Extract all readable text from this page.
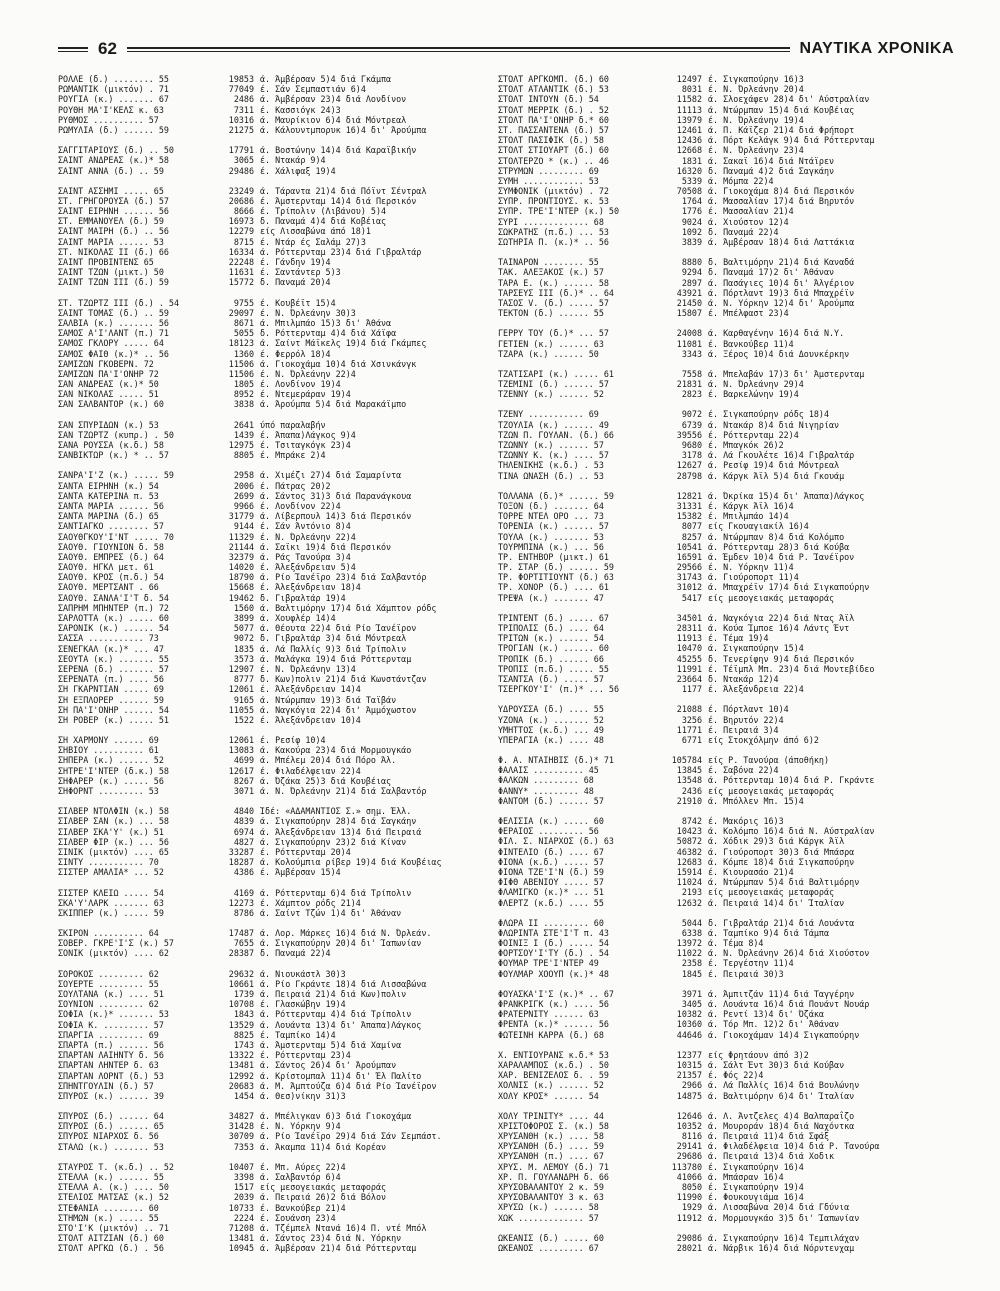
62	ΝΑΥΤΙΚΑ ΧΡΟΝΙΚΑ
ΡΟΛΛΕ (δ.) ........ 55	19853 ά. Άμβέρσαν 5)4 διά Γκάμπα
ΡΩΜΑΝΤΙΚ (μικτόν) . 71	77049 έ. Σάν Σεμπαστιάν 6)4
ΡΟΥΓΙΑ (κ.) ....... 67	2486 ά. Άμβέρσαν 23)4 διά Λονδίνον
ΡΟΥΘΗ ΜΑ'Ι'ΚΕΛΣ κ. 63	7311 έ. Κασσιόγκ 24)3
ΡΥΘΜΟΣ .......... 57	10316 ά. Μαυρίκιον 6)4 διά Μόντρεαλ
ΡΩΜΥΛΙΑ (δ.) ...... 59	21275 ά. Κάλουντμπορυκ 16)4 δι' Άρούμπα
ΣΑΓΓΙΤΑΡΙΟΥΣ (δ.) .. 50	17791 ά. Βοστώνην 14)4 διά Καραϊβικήν
ΣΑΙΝΤ ΑΝΔΡΕΑΣ (κ.)* 58	3065 έ. Ντακάρ 9)4
ΣΑΙΝΤ ΑΝΝΑ (δ.) .. 59	29486 έ. Χάλιφαξ 19)4
ΣΑΙΝΤ ΑΣΣΗΜΙ ..... 65	23249 ά. Τάραντα 21)4 διά Πόϊντ Σέντραλ
ΣΤ. ΓΡΗΓΟΡΟΥΣΑ (δ.) 57	20686 έ. Άμστερνταμ 14)4 διά Περσικόν
ΣΑΙΝΤ ΕΙΡΗΝΗ ...... 56	8666 έ. Τρίπολιν (Λιβάνου) 5)4
ΣΤ. ΕΜΜΑΝΟΥΕΛ (δ.) 59	16973 δ. Παναμά 4)4 διά Κοβέιας
ΣΑΙΝΤ ΜΑΙΡΗ (δ.) .. 56	12279 είς Λισσαβώνα άπό 18)1
ΣΑΙΝΤ ΜΑΡΙΑ ...... 53	8715 έ. Ντάρ ές Σαλάμ 27)3
ΣΤ. ΝΙΚΟΛΑΣ ΙΙ (δ.) 66	16334 ά. Ρόττερνταμ 23)4 διά Γιβραλτάρ
ΣΑΙΝΤ ΠΡΟΒΙΝΤΕΝΣ 65	22248 έ. Γάνδην 19)4
ΣΑΙΝΤ ΤΖΩΝ (μικτ.) 50	11631 έ. Σαντάντερ 5)3
ΣΑΙΝΤ ΤΖΩΝ ΙΙΙ (δ.) 59	15772 δ. Παναμά 20)4
ΣΤ. ΤΖΩΡΤΖ ΙΙΙ (δ.) . 54	9755 έ. Κουβέϊτ 15)4
ΣΑΙΝΤ ΤΟΜΑΣ (δ.) .. 59	29097 έ. Ν. Όρλεάνην 30)3
ΣΑΛΒΙΑ (κ.) ....... 56	8671 ά. Μπιλμπάο 15)3 δι' Άθάνα
ΣΑΜΟΣ Α'Ι'ΛΑΝΤ (π.) 71	5055 δ. Ρόττερνταμ 4)4 διά Χάϊφα
ΣΑΜΟΣ ΓΚΛΟΡΥ ..... 64	18123 ά. Σαίντ Μάϊκελς 19)4 διά Γκάμπες
ΣΑΜΟΣ ΦΑΙΘ (κ.)* .. 56	1360 έ. Φερρόλ 18)4
ΣΑΜΙΖΩΝ ΓΚΟΒΕΡΝ. 72	11506 ά. Γιοκοχάμα 10)4 διά Χσινκάνγκ
ΣΑΜΙΖΩΝ ΠΑ'Ι'ΟΝΗΡ 72	11506 έ. Ν. Όρλεάνην 22)4
ΣΑΝ ΑΝΔΡΕΑΣ (κ.)* 50	1805 έ. Λονδίνον 19)4
ΣΑΝ ΝΙΚΟΛΑΣ ..... 51	8952 έ. Ντεμεράραν 19)4
ΣΑΝ ΣΑΛΒΑΝΤΟΡ (κ.) 60	3838 ά. Άρούμπα 5)4 διά Μαρακάϊμπο
ΣΑΝ ΣΠΥΡΙΔΩΝ (κ.) 53	2641 ύπό παραλαβήν
ΣΑΝ ΤΖΩΡΤΖ (κυπρ.) . 50	1439 έ. Άπαπα)Λάγκος 9)4
ΣΑΝΑ ΡΟΥΣΣΑ (κ.δ.) 58	12975 έ. Τσιταγκόγκ 23)4
ΣΑΝΒΙΚΤΩΡ (κ.) * .. 57	8805 έ. Μπράκε 2)4
ΣΑΝΡΑ'Ι'Ζ (κ.) ..... 59	2958 ά. Χιμέζι 27)4 διά Σαμαρίντα
ΣΑΝΤΑ ΕΙΡΗΝΗ (κ.) 54	2006 έ. Πάτρας 20)2
ΣΑΝΤΑ ΚΑΤΕΡΙΝΑ π. 53	2699 ά. Σάντος 31)3 διά Παρανάγκουα
ΣΑΝΤΑ ΜΑΡΙΑ ...... 56	9966 έ. Λονδίνον 22)4
ΣΑΝΤΑ ΜΑΡΙΝΑ (δ.) 65	31779 ά. Λίβερπουλ 14)3 διά Περσικόν
ΣΑΝΤΙΑΓΚΟ ........ 57	9144 έ. Σάν Άντόνιο 8)4
ΣΑΟΥΘΓΚΟΥ'Ι'ΝΤ ..... 70	11329 έ. Ν. Όρλεάνην 22)4
ΣΑΟΥΘ. ΓΙΟΥΝΙΟΝ δ. 58	21144 ά. Σαϊκι 19)4 διά Περσικόν
ΣΑΟΥΘ. ΕΜΠΡΕΣ (δ.) 64	32379 ά. Ράς Τανούρα 3)4
ΣΑΟΥΘ. ΗΓΚΛ μετ. 61	14020 έ. Άλεξάνδρειαν 5)4
ΣΑΟΥΘ. ΚΡΟΣ (π.δ.) 54	18790 ά. Ρίο Ίανέϊρο 23)4 διά Σαλβαντόρ
ΣΑΟΥΘ. ΜΕΡΤΣΑΝΤ . 66	15668 έ. Άλεξάνδρειαν 18)4
ΣΑΟΥΘ. ΣΑΝΛΑ'Ι'Τ δ. 54	19462 δ. Γιβραλτάρ 19)4
ΣΑΠΡΗΜ ΜΠΗΝΤΕΡ (π.) 72	1560 ά. Βαλτιμόρην 17)4 διά Χάμπτον ρόδς
ΣΑΡΛΟΤΤΑ (κ.) ..... 60	3899 ά. Χουφλέρ 14)4
ΣΑΡΟΝΙΚ (κ.) ...... 54	5077 ά. Θέουτα 22)4 διά Ρίο Ίανέϊρον
ΣΑΣΣΑ ........... 73	9072 δ. Γιβραλτάρ 3)4 διά Μόντρεαλ
ΣΕΝΕΓΚΑΛ (κ.)* ... 47	1835 ά. Λά Παλλίς 9)3 διά Τρίπολιν
ΣΕΟΥΤΑ (κ.) ....... 55	3573 ά. Μαλάγκα 19)4 διά Ρόττερνταμ
ΣΕΡΕΝΑ (δ.) ....... 57	12907 έ. Ν. Όρλεάνην 13)4
ΣΕΡΕΝΑΤΑ (π.) .... 56	8777 δ. Κων)πολιν 21)4 διά Κωνστάντζαν
ΣΗ ΓΚΑΡΝΤΙΑΝ ..... 69	12061 έ. Άλεξάνδρειαν 14)4
ΣΗ ΕΞΠΛΟΡΕΡ ...... 59	9165 ά. Ντώρμπαν 19)3 διά Ταϊβάν
ΣΗ ΠΑ'Ι'ΟΝΗΡ ...... 54	11055 ά. Ναγκόγια 22)4 δι' Άμμόχωστον
ΣΗ ΡΟΒΕΡ (κ.) ..... 51	1522 έ. Άλεξάνδρειαν 10)4
ΣΗ ΧΑΡΜΟΝΥ ...... 69	12061 έ. Ρεσίφ 10)4
ΣΗΒΙΟΥ .......... 61	13083 ά. Κακούρα 23)4 διά Μορμουγκάο
ΣΗΠΕΡΑ (κ.) ...... 52	4699 ά. Μπέλεμ 20)4 διά Πόρο Άλ.
ΣΗΤΡΕ'Ι'ΝΤΕΡ (δ.κ.) 58	12617 έ. Φιλαδέλφειαν 22)4
ΣΗΦΑΡΕΡ (κ.) ..... 56	8267 ά. Όζάκα 25)3 διά Κουβέιας
ΣΗΦΟΡΝΤ ......... 53	3071 ά. Ν. Όρλεάνην 21)4 διά Σαλβαντόρ
ΣΙΛΒΕΡ ΝΤΟΛΦΙΝ (κ.) 58	4840 Ίδέ: «ΑΔΑΜΑΝΤΙΟΣ Σ.» σημ. Έλλ.
ΣΙΛΒΕΡ ΣΑΝ (κ.) ... 58	4839 ά. Σιγκαπούρην 28)4 διά Σαγκάην
ΣΙΛΒΕΡ ΣΚΑ'Υ' (κ.) 51	6974 ά. Άλεξάνδρειαν 13)4 διά Πειραιά
ΣΙΛΒΕΡ ΦΙΡ (κ.) ... 56	4827 ά. Σιγκαπούρην 23)2 διά Κίναν
ΣΙΝΙΚ (μικτόν) .... 65	33287 έ. Ρόττερνταμ 20)4
ΣΙΝΤΥ ........... 70	18287 ά. Κολούμπια ρίβερ 19)4 διά Κουβέιας
ΣΙΣΤΕΡ ΑΜΑΛΙΑ* ... 52	4386 έ. Άμβέρσαν 15)4
ΣΙΣΤΕΡ ΚΛΕΙΩ ..... 54	4169 ά. Ρόττερνταμ 6)4 διά Τρίπολιν
ΣΚΑ'Υ'ΛΑΡΚ ....... 63	12273 έ. Χάμπτον ρόδς 21)4
ΣΚΙΠΠΕΡ (κ.) ..... 59	8786 ά. Σαίντ Τζών 1)4 δι' Άθάναν
ΣΚΙΡΟΝ .......... 64	17487 ά. Λορ. Μάρκες 16)4 διά Ν. Όρλεάν.
ΣΟΒΕΡ. ΓΚΡΕ'Ι'Σ (κ.) 57	7655 ά. Σιγκαπούρην 20)4 δι' Ίαπωνίαν
ΣΟΝΙΚ (μικτόν) .... 62	28387 δ. Παναμά 22)4
ΣΟΡΟΚΟΣ ......... 62	29632 ά. Νιουκάστλ 30)3
ΣΟΥΕΡΤΕ ......... 55	10661 ά. Ρίο Γκράντε 18)4 διά Λισσαβώνα
ΣΟΥΛΤΑΝΑ (κ.) .... 51	1739 ά. Πειραιά 21)4 διά Κων)πολιν
ΣΟΥΝΙΟΝ ......... 62	10708 έ. Γλασκώβην 19)4
ΣΟΦΙΑ (κ.)* ....... 53	1843 ά. Ρόττερνταμ 4)4 διά Τρίπολιν
ΣΟΦΙΑ Κ. ......... 57	13529 ά. Λουάντα 13)4 δι' Άπαπα)Λάγκος
ΣΠΑΡΓΙΑ ......... 69	8825 έ. Ταμπίκο 14)4
ΣΠΑΡΤΑ (π.) ...... 56	1743 ά. Άμστερνταμ 5)4 διά Χαμίνα
ΣΠΑΡΤΑΝ ΛΑΙΗΝΤΥ δ. 56	13322 έ. Ρόττερνταμ 23)4
ΣΠΑΡΤΑΝ ΛΗΝΤΕΡ δ. 63	13481 ά. Σάντος 26)4 δι' Άρούμπαν
ΣΠΑΡΤΑΝ ΛΟΡΝΤ (δ.) 53	12992 ά. Κρίστομπαλ 11)4 δι' Έλ Παλίτο
ΣΠΗΝΤΓΟΥΛΙΝ (δ.) 57	20683 ά. Μ. Άμπτούζα 6)4 διά Ρίο Ίανέϊρον
ΣΠΥΡΟΣ (κ.) ...... 39	1454 ά. Θεσ)νίκην 31)3
ΣΠΥΡΟΣ (δ.) ...... 64	34827 ά. Μπέλιγκαν 6)3 διά Γιοκοχάμα
ΣΠΥΡΟΣ (δ.) ...... 65	31428 έ. Ν. Υόρκην 9)4
ΣΠΥΡΟΣ ΝΙΑΡΧΟΣ δ. 56	30709 ά. Ρίο Ίανέϊρο 29)4 διά Σάν Σεμπάστ.
ΣΤΑΛΩ (κ.) ....... 53	7353 ά. Άκαμπα 11)4 διά Κορέαν
ΣΤΑΥΡΟΣ Τ. (κ.δ.) .. 52	10407 έ. Μπ. Αύρες 22)4
ΣΤΕΛΛΑ (κ.) ...... 55	3398 ά. Σαλβαντόρ 6)4
ΣΤΕΛΛΑ Α. (κ.) .... 50	1517 είς μεσογειακάς μεταφοράς
ΣΤΕΛΙΟΣ ΜΑΤΣΑΣ (κ.) 52	2039 ά. Πειραιά 26)2 διά Βόλον
ΣΤΕΦΑΝΙΑ ........ 60	10733 έ. Βανκούβερ 21)4
ΣΤΗΜΩΝ (κ.) ..... 55	2224 έ. Σουάνση 23)4
ΣΤΟ'Ι'Κ (μικτόν) .. 71	71208 ά. Τζέμπελ Ντανά 16)4 Π. ντέ Μπόλ
ΣΤΟΛΤ ΑΙΤΖΙΑΝ (δ.) 60	13481 ά. Σάντος 23)4 διά Ν. Υόρκην
ΣΤΟΛΤ ΑΡΓΚΩ (δ.) . 56	10945 ά. Άμβέρσαν 21)4 διά Ρόττερνταμ
ΣΤΟΛΤ ΑΡΓΚΟΜΠ. (δ.) 60	12497 έ. Σιγκαπούρην 16)3
ΣΤΟΛΤ ΑΤΛΑΝΤΙΚ (δ.) 53	8031 έ. Ν. Όρλεάνην 20)4
ΣΤΟΛΤ ΙΝΤΟΥΝ (δ.) 54	11582 ά. Σλοεχάφεν 28)4 δι' Αύστραλίαν
ΣΤΟΛΤ ΜΕΡΡΙΚ (δ.) . 52	11113 ά. Ντώρμπαν 15)4 διά Κουβέιας
ΣΤΟΛΤ ΠΑ'Ι'ΟΝΗΡ δ.* 60	13979 έ. Ν. Όρλεάνην 19)4
ΣΤ. ΠΑΣΣΑΝΤΕΝΑ (δ.) 57	12461 ά. Π. Κάϊζερ 21)4 διά Φρήπορτ
ΣΤΟΛΤ ΠΑΣΙΦΙΚ (δ.) 58	12436 ά. Πόρτ Κελάγκ 9)4 διά Ρόττερνταμ
ΣΤΟΛΤ ΣΤΙΟΥΑΡΤ (δ.) 60	12668 έ. Ν. Όρλεάνην 23)4
ΣΤΟΛΤΕΡΖΟ * (κ.) .. 46	1831 ά. Σακαϊ 16)4 διά Ντάϊρεν
ΣΤΡΥΜΩΝ ......... 69	16320 δ. Παναμά 4)2 διά Σαγκάην
ΣΥΜΗ ............ 53	5339 ά. Μόμπα 22)4
ΣΥΜΦΟΝΙΚ (μικτόν) . 72	70508 ά. Γιοκοχάμα 8)4 διά Περσικόν
ΣΥΠΡ. ΠΡΟΝΤΙΟΥΣ. κ. 53	1764 ά. Μασσαλίαν 17)4 διά Βηρυτόν
ΣΥΠΡ. ΤΡΕ'Ι'ΝΤΕΡ (κ.) 50	1776 έ. Μασσαλίαν 21)4
ΣΥΡΙ ............. 68	9024 ά. Χιούστον 12)4
ΣΩΚΡΑΤΗΣ (π.δ.) ... 53	1092 δ. Παναμά 22)4
ΣΩΤΗΡΙΑ Π. (κ.)* .. 56	3839 ά. Άμβέρσαν 18)4 διά Λαττάκια
ΤΑΙΝΑΡΟΝ ........ 55	8880 δ. Βαλτιμόρην 21)4 διά Καναδά
ΤΑΚ. ΑΛΕΞΑΚΟΣ (κ.) 57	9294 δ. Παναμά 17)2 δι' Άθάναν
ΤΑΡΑ Ε. (κ.) ...... 58	2897 ά. Πασάγιες 10)4 δι' Άλγέριον
ΤΑΡΣΕΥΣ ΙΙΙ (δ.)* .. 64	43921 ά. Πόρτλαντ 19)3 διά Μπαχρέϊν
ΤΑΣΟΣ V. (δ.) ..... 57	21450 ά. Ν. Υόρκην 12)4 δι' Άρούμπα
ΤΕΚΤΟΝ (δ.) ...... 55	15807 έ. Μπέλφαστ 23)4
ΓΕΡΡΥ ΤΟΥ (δ.)* ... 57	24008 ά. Καρθαγένην 16)4 διά Ν.Υ.
ΓΕΤΙΕΝ (κ.) ...... 63	11081 έ. Βανκούβερ 11)4
ΤΖΑΡΑ (κ.) ...... 50	3343 ά. Ξέρος 10)4 διά Δουνκέρκην
ΤΖΑΤΙΣΑΡΙ (κ.) ..... 61	7558 ά. Μπελαβάν 17)3 δι' Άμστερνταμ
ΤΖΕΜΙΝΙ (δ.) ...... 57	21831 ά. Ν. Όρλεάνην 29)4
ΤΖΕΝΝΥ (κ.) ...... 52	2823 έ. Βαρκελώνην 19)4
ΤΖΕΝΥ ........... 69	9072 έ. Σιγκαπούρην ρόδς 18)4
ΤΖΟΥΛΙΑ (κ.) ...... 49	6739 ά. Ντακάρ 8)4 διά Νιγηρίαν
ΤΖΩΝ Π. ΓΟΥΛΑΝ. (δ.) 66	39556 έ. Ρόττερνταμ 22)4
ΤΖΩΝΝΥ (κ.) ...... 57	9680 έ. Μπαγκόκ 26)2
ΤΖΩΝΝΥ Κ. (κ.) .... 57	3178 ά. Λά Γκουλέτε 16)4 Γιβραλτάρ
ΤΗΛΕΝΙΚΗΣ (κ.δ.) . 53	12627 ά. Ρεσίφ 19)4 διά Μόντρεαλ
ΤΙΝΑ ΩΝΑΣΗ (δ.) .. 53	28798 ά. Κάργκ Άϊλ 5)4 διά Γκουάμ
ΤΟΛΛΑΝΑ (δ.)* ...... 59	12821 ά. Όκρίκα 15)4 δι' Άπαπα)Λάγκος
ΤΟΞΟΝ (δ.) ....... 64	31331 έ. Κάργκ Άϊλ 16)4
ΤΟΡΡΕ ΝΤΕΛ ΟΡΟ ... 73	15382 έ. Μπιλμπάο 14)4
ΤΟΡΕΝΙΑ (κ.) ...... 57	8077 είς Γκουαγιακίλ 16)4
ΤΟΥΛΑ (κ.) ....... 53	8257 ά. Ντώρμπαν 8)4 διά Κολόμπο
ΤΟΥΡΜΠΙΝΑ (κ.) ... 56	10541 ά. Ρόττερνταμ 28)3 διά Κούβα
ΤΡ. ΕΝΤΗΒΟΡ (μικτ.) 61	16591 ά. Έμδεν 10)4 διά Ρ. Ίανέϊρον
ΤΡ. ΣΤΑΡ (δ.) ...... 59	29566 έ. Ν. Υόρκην 11)4
ΤΡ. ΦΟΡΤΙΤΙΟΥΝΤ (δ.) 63	31743 ά. Γιούροπορτ 11)4
ΤΡ. ΧΟΝΟΡ (δ.) .... 61	31012 ά. Μπαχρέϊν 17)4 διά Σιγκαπούρην
ΤΡΕΨΑ (κ.) ....... 47	5417 είς μεσογειακάς μεταφοράς
ΤΡΙΝΤΕΝΤ (δ.) ..... 67	34501 ά. Ναγκόγια 22)4 διά Ντας Άϊλ
ΤΡΙΠΟΛΙΣ (δ.) .... 64	28311 ά. Κούα Ίμποε 16)4 Λάντς Έντ
ΤΡΙΤΩΝ (κ.) ...... 54	11913 έ. Τέμα 19)4
ΤΡΟΓΙΑΝ (κ.) ...... 60	10470 ά. Σιγκαπούρην 15)4
ΤΡΟΠΙΚ (δ.) ...... 66	45255 δ. Τενερίφην 9)4 διά Περσικόν
ΤΡΟΠΙΣ (π.δ.) ..... 55	11991 έ. Τέϊμπλ Μπ. 23)4 διά Μοντεβίδεο
ΤΣΑΝΤΣΑ (δ.) ..... 57	23664 δ. Ντακάρ 12)4
ΤΣΕΡΓΚΟΥ'Ι' (π.)* ... 56	1177 έ. Άλεξάνδρεια 22)4
ΥΔΡΟΥΣΣΑ (δ.) .... 55	21088 έ. Πόρτλαντ 10)4
ΥΖΟΝΑ (κ.) ....... 52	3256 έ. Βηρυτόν 22)4
ΥΜΗΤΤΟΣ (κ.δ.) ... 49	11771 έ. Πειραιά 3)4
ΥΠΕΡΑΓΙΑ (κ.) .... 48	6771 είς Στοκχόλμην άπό 6)2
Φ. Α. ΝΤΑΙΗΒΙΣ (δ.)* 71	105784 είς Ρ. Τανούρα (άποθήκη)
ΦΑΛΑΙΣ .......... 45	13845 έ. Σαβόνα 22)4
ΦΑΛΚΩΝ ......... 68	13548 ά. Ρόττερνταμ 10)4 διά Ρ. Γκράντε
ΦΑΝΝΥ* ......... 48	2436 είς μεσογειακάς μεταφοράς
ΦΑΝΤΟΜ (δ.) ...... 57	21910 ά. Μπόλλεν Μπ. 15)4
ΦΕΛΙΣΙΑ (κ.) ..... 60	8742 έ. Μακόρις 16)3
ΦΕΡΑΙΟΣ ......... 56	10423 ά. Κολόμπο 16)4 διά Ν. Αύστραλίαν
ΦΙΛ. Σ. ΝΙΑΡΧΟΣ (δ.) 63	50872 ά. Χόδικ 29)3 διά Κάργκ Άϊλ
ΦΙΝΤΕΛΙΟ (δ.) .... 67	46382 ά. Γιούροπορτ 30)3 διά Μπάσρα
ΦΙΟΝΑ (κ.δ.) ..... 57	12683 ά. Κόμπε 18)4 διά Σιγκαπούρην
ΦΙΟΝΑ ΤΖΕ'Ι'Ν (δ.) 59	15914 έ. Κιουρασάο 21)4
ΦΙΦΘ ΑΒΕΝΙΟΥ ..... 57	11024 ά. Ντώρμπαν 5)4 διά Βαλτιμόρην
ΦΛΑΜΙΓΚΟ (κ.)* ... 51	2193 είς μεσογειακάς μεταφοράς
ΦΛΕΡΤΖ (κ.δ.) .... 55	12632 ά. Πειραιά 14)4 δι' Ίταλίαν
ΦΛΩΡΑ ΙΙ ......... 60	5044 δ. Γιβραλτάρ 21)4 διά Λουάντα
ΦΛΩΡΙΝΤΑ ΣΤΕ'Ι'Τ π. 43	6338 ά. Ταμπίκο 9)4 διά Τάμπα
ΦΟΙΝΙΞ Ι (δ.) ..... 54	13972 ά. Τέμα 8)4
ΦΟΡΤΣΟΥ'Ι'ΤΥ (δ.) . 54	11022 ά. Ν. Όρλεάνην 26)4 διά Χιούστον
ΦΟΥΜΑΡ ΤΡΕ'Ι'ΝΤΕΡ 49	2358 έ. Τεργέστην 11)4
ΦΟΥΛΜΑΡ ΧΟΟΥΠ (κ.)* 48	1845 έ. Πειραιά 30)3
ΦΟΥΑΣΚΑ'Ι'Σ (κ.)* .. 67	3971 ά. Άμπιτζάν 11)4 διά Ταγγέρην
ΦΡΑΝΚΡΙΓΚ (κ.) .... 56	3405 ά. Λουάντα 16)4 διά Πουάντ Νουάρ
ΦΡΑΤΕΡΝΙΤΥ ...... 63	10382 ά. Ρεντί 13)4 δι' Όζάκα
ΦΡΕΝΤΑ (κ.)* ...... 56	10360 ά. Τόρ Μπ. 12)2 δι' Άθάναν
ΦΩΤΕΙΝΗ ΚΑΡΡΑ (δ.) 68	44646 ά. Γιοκοχάμαν 14)4 Σιγκαπούρην
Χ. ΕΝΤΙΟΥΡΑΝΣ κ.δ.* 53	12377 είς Φρητάουν άπό 3)2
ΧΑΡΑΛΑΜΠΟΣ (κ.δ.) . 50	10315 ά. Σάλτ Έντ 30)3 διά Κούβαν
ΧΑΡ. ΒΕΝΙΖΕΛΟΣ δ. . 59	21357 έ. Φός 22)4
ΧΟΛΝΙΣ (κ.) ...... 52	2966 ά. Λά Παλλίς 16)4 διά Βουλώνην
ΧΟΛΥ ΚΡΟΣ* ...... 54	14875 ά. Βαλτιμόρην 6)4 δι' Ίταλίαν
ΧΟΛΥ ΤΡΙΝΙΤΥ* .... 44	12646 ά. Λ. Άντζελες 4)4 Βαλπαραΐζο
ΧΡΙΣΤΟΦΟΡΟΣ Σ. (κ.) 58	10352 ά. Μουροράν 18)4 διά Ναχόντκα
ΧΡΥΣΑΝΘΗ (κ.) .... 58	8116 ά. Πειραιά 11)4 διά Σφάξ
ΧΡΥΣΑΝΘΗ (δ.) .... 59	29141 ά. Φιλαδέλφεια 10)4 διά Ρ. Τανούρα
ΧΡΥΣΑΝΘΗ (π.) .... 67	29686 ά. Πειραιά 13)4 διά Χοδικ
ΧΡΥΣ. Μ. ΛΕΜΟΥ (δ.) 71	113780 έ. Σιγκαπούρην 16)4
ΧΡ. Π. ΓΟΥΛΑΝΔΡΗ δ. 66	41066 ά. Μπάσραν 16)4
ΧΡΥΣΟΒΑΛΑΝΤΟΥ 2 κ. 59	8050 έ. Σιγκαπούρην 19)4
ΧΡΥΣΟΒΑΛΑΝΤΟΥ 3 κ. 63	11990 έ. Φουκουγιάμα 16)4
ΧΡΥΣΩ (κ.) ...... 58	1929 ά. Λισσαβώνα 20)4 διά Γδύνια
ΧΩΚ ............. 57	11912 ά. Μορμουγκάο 3)5 δι' Ίαπωνίαν
ΩΚΕΑΝΙΣ (δ.) ..... 60	29086 ά. Σιγκαπούρην 16)4 Τεμπιλάχαν
ΩΚΕΑΝΟΣ ......... 67	28021 ά. Νάρβικ 16)4 διά Νόρντενχαμ
